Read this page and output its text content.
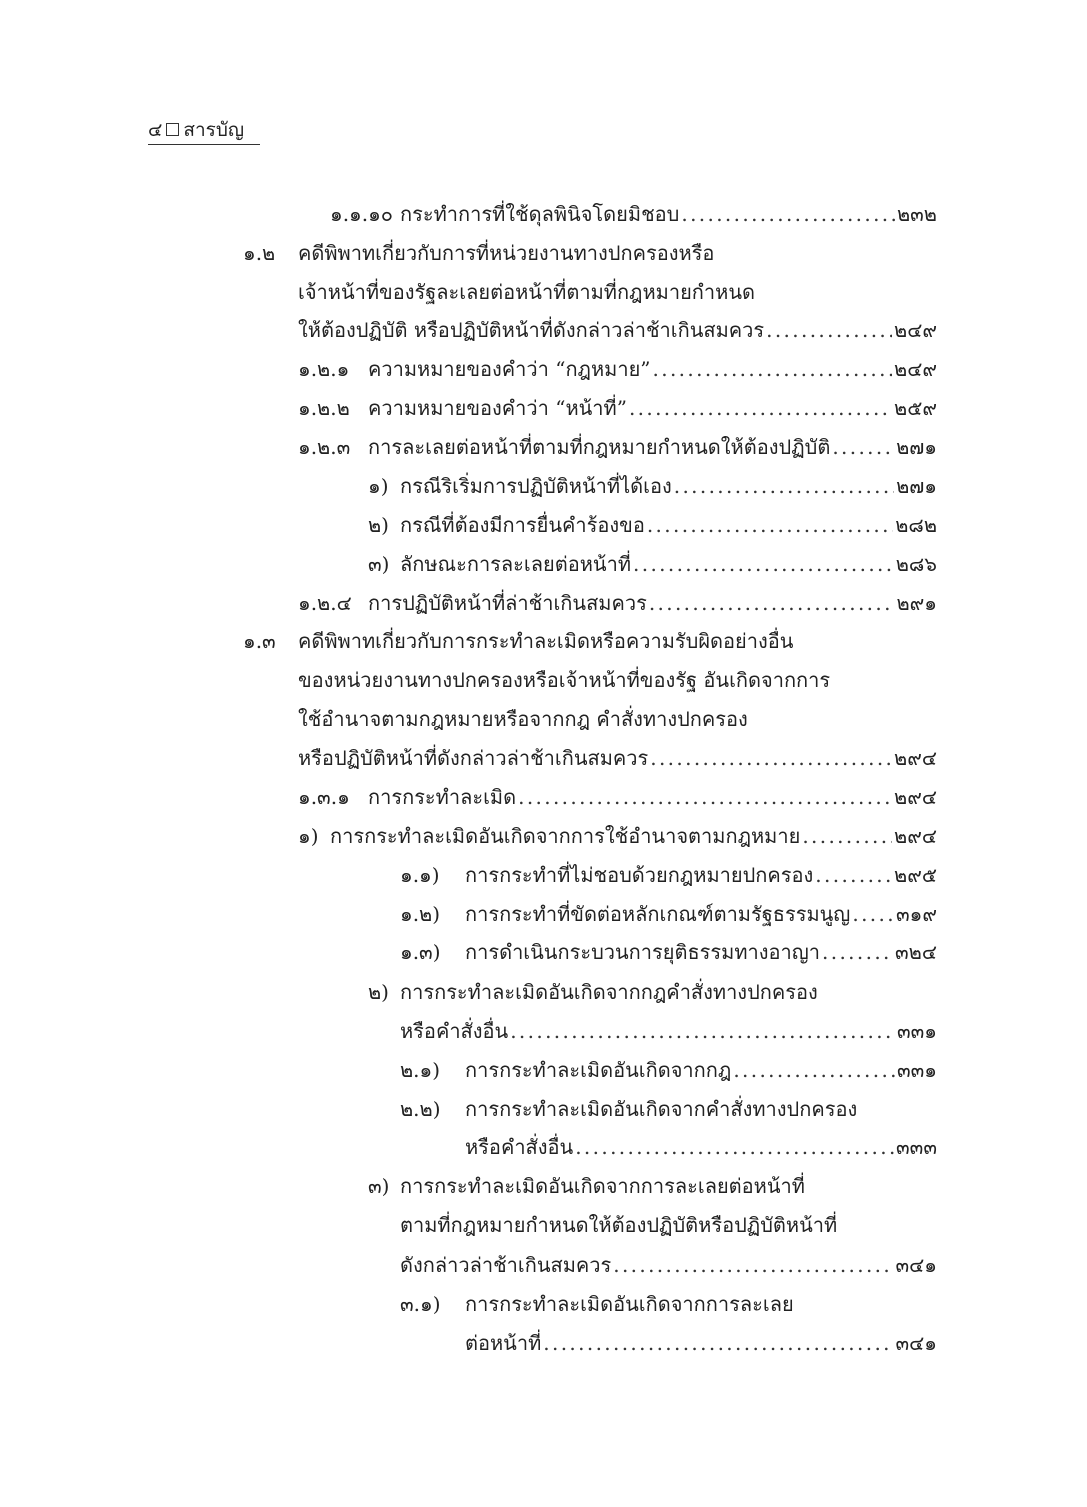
๔ สารบัญ
๑.๑.๑๐ กระทำการที่ใช้ดุลพินิจโดยมิชอบ . . .	๒๓๒
๑.๒ คดีพิพาทเกี่ยวกับการที่หน่วยงานทางปกครองหรือ
เจ้าหน้าที่ของรัฐละเลยต่อหน้าที่ตามที่กฎหมายกำหนด
ให้ต้องปฏิบัติ หรือปฏิบัติหน้าที่ดังกล่าวล่าช้าเกินสมควร . . .	๒๔๙
๑.๒.๑ ความหมายของคำว่า “กฎหมาย” . . .	๒๔๙
๑.๒.๒ ความหมายของคำว่า “หน้าที่” . . .	๒๕๙
๑.๒.๓ การละเลยต่อหน้าที่ตามที่กฎหมายกำหนดให้ต้องปฏิบัติ . . .	๒๗๑
๑) กรณีริเริ่มการปฏิบัติหน้าที่ได้เอง . . .	๒๗๑
๒) กรณีที่ต้องมีการยื่นคำร้องขอ . . .	๒๘๒
๓) ลักษณะการละเลยต่อหน้าที่ . . .	๒๘๖
๑.๒.๔ การปฏิบัติหน้าที่ล่าช้าเกินสมควร . . .	๒๙๑
๑.๓ คดีพิพาทเกี่ยวกับการกระทำละเมิดหรือความรับผิดอย่างอื่น
ของหน่วยงานทางปกครองหรือเจ้าหน้าที่ของรัฐ อันเกิดจากการ
ใช้อำนาจตามกฎหมายหรือจากกฎ คำสั่งทางปกครอง
หรือปฏิบัติหน้าที่ดังกล่าวล่าช้าเกินสมควร . . .	๒๙๔
๑.๓.๑ การกระทำละเมิด . . .	๒๙๔
๑) การกระทำละเมิดอันเกิดจากการใช้อำนาจตามกฎหมาย . . .	๒๙๔
๑.๑) การกระทำที่ไม่ชอบด้วยกฎหมายปกครอง . . .	๒๙๕
๑.๒) การกระทำที่ขัดต่อหลักเกณฑ์ตามรัฐธรรมนูญ . . . ๓๑๙
๑.๓) การดำเนินกระบวนการยุติธรรมทางอาญา . . .	๓๒๔
๒) การกระทำละเมิดอันเกิดจากกฎคำสั่งทางปกครอง
หรือคำสั่งอื่น . . .	๓๓๑
๒.๑) การกระทำละเมิดอันเกิดจากกฎ . . .	๓๓๑
๒.๒) การกระทำละเมิดอันเกิดจากคำสั่งทางปกครอง
หรือคำสั่งอื่น . . .	๓๓๓
๓) การกระทำละเมิดอันเกิดจากการละเลยต่อหน้าที่
ตามที่กฎหมายกำหนดให้ต้องปฏิบัติหรือปฏิบัติหน้าที่
ดังกล่าวล่าช้าเกินสมควร . . .	๓๔๑
๓.๑) การกระทำละเมิดอันเกิดจากการละเลย
ต่อหน้าที่ . . .	๓๔๑
